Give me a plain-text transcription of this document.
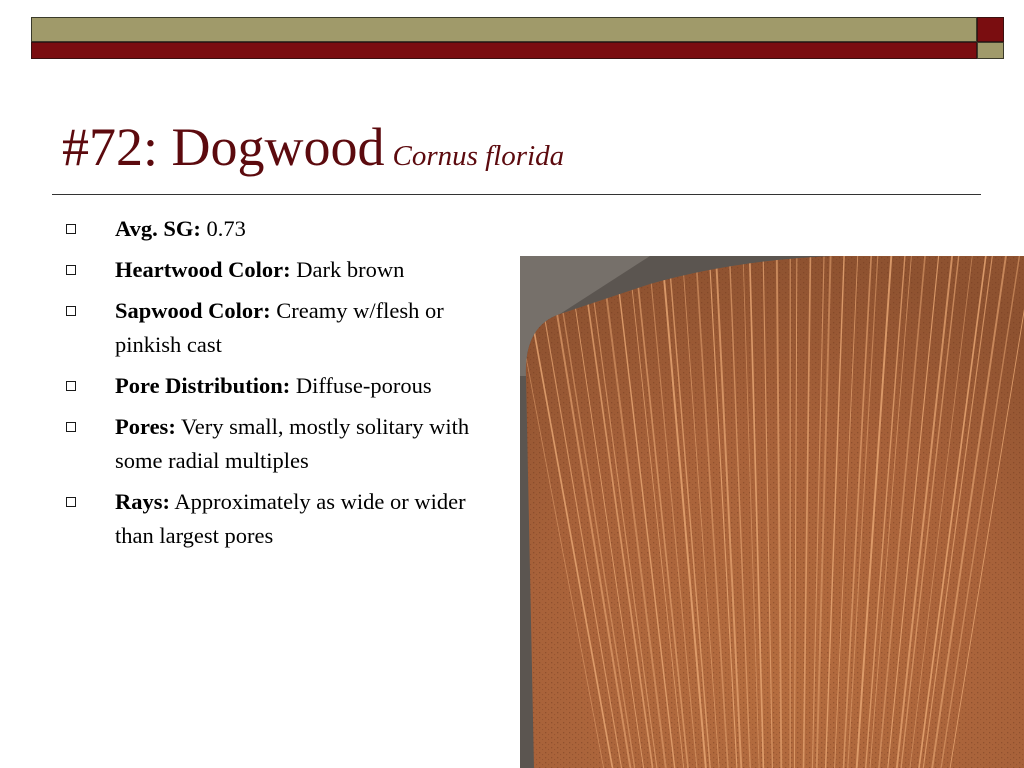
#72: Dogwood Cornus florida
Avg. SG: 0.73
Heartwood Color: Dark brown
Sapwood Color: Creamy w/flesh or pinkish cast
Pore Distribution: Diffuse-porous
Pores: Very small, mostly solitary with some radial multiples
Rays: Approximately as wide or wider than largest pores
